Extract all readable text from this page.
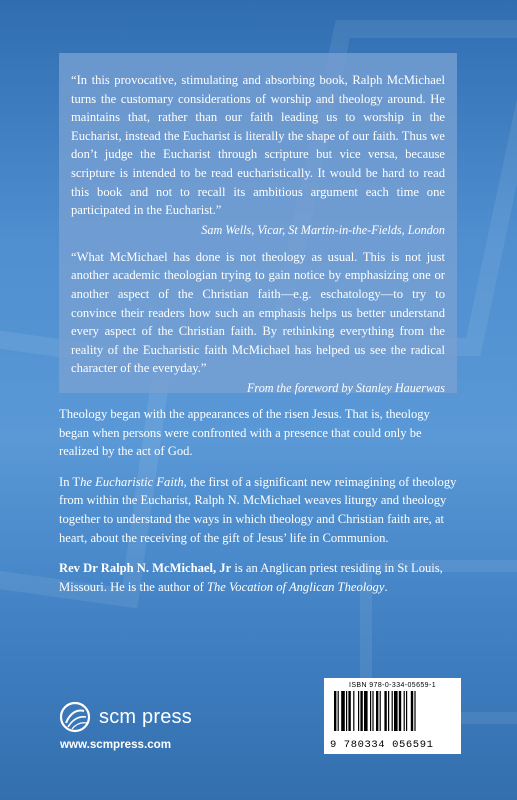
“In this provocative, stimulating and absorbing book, Ralph McMichael turns the customary considerations of worship and theology around. He maintains that, rather than our faith leading us to worship in the Eucharist, instead the Eucharist is literally the shape of our faith. Thus we don’t judge the Eucharist through scripture but vice versa, because scripture is intended to be read eucharistically. It would be hard to read this book and not to recall its ambitious argument each time one participated in the Eucharist.”

Sam Wells, Vicar, St Martin-in-the-Fields, London

“What McMichael has done is not theology as usual. This is not just another academic theologian trying to gain notice by emphasizing one or another aspect of the Christian faith—e.g. eschatology—to try to convince their readers how such an emphasis helps us better understand every aspect of the Christian faith. By rethinking everything from the reality of the Eucharistic faith McMichael has helped us see the radical character of the everyday.”

From the foreword by Stanley Hauerwas

Theology began with the appearances of the risen Jesus. That is, theology began when persons were confronted with a presence that could only be realized by the act of God.

In The Eucharistic Faith, the first of a significant new reimagining of theology from within the Eucharist, Ralph N. McMichael weaves liturgy and theology together to understand the ways in which theology and Christian faith are, at heart, about the receiving of the gift of Jesus’ life in Communion.

Rev Dr Ralph N. McMichael, Jr is an Anglican priest residing in St Louis, Missouri. He is the author of The Vocation of Anglican Theology.

scm press
www.scmpress.com
ISBN 978-0-334-05659-1
9 780334 056591
